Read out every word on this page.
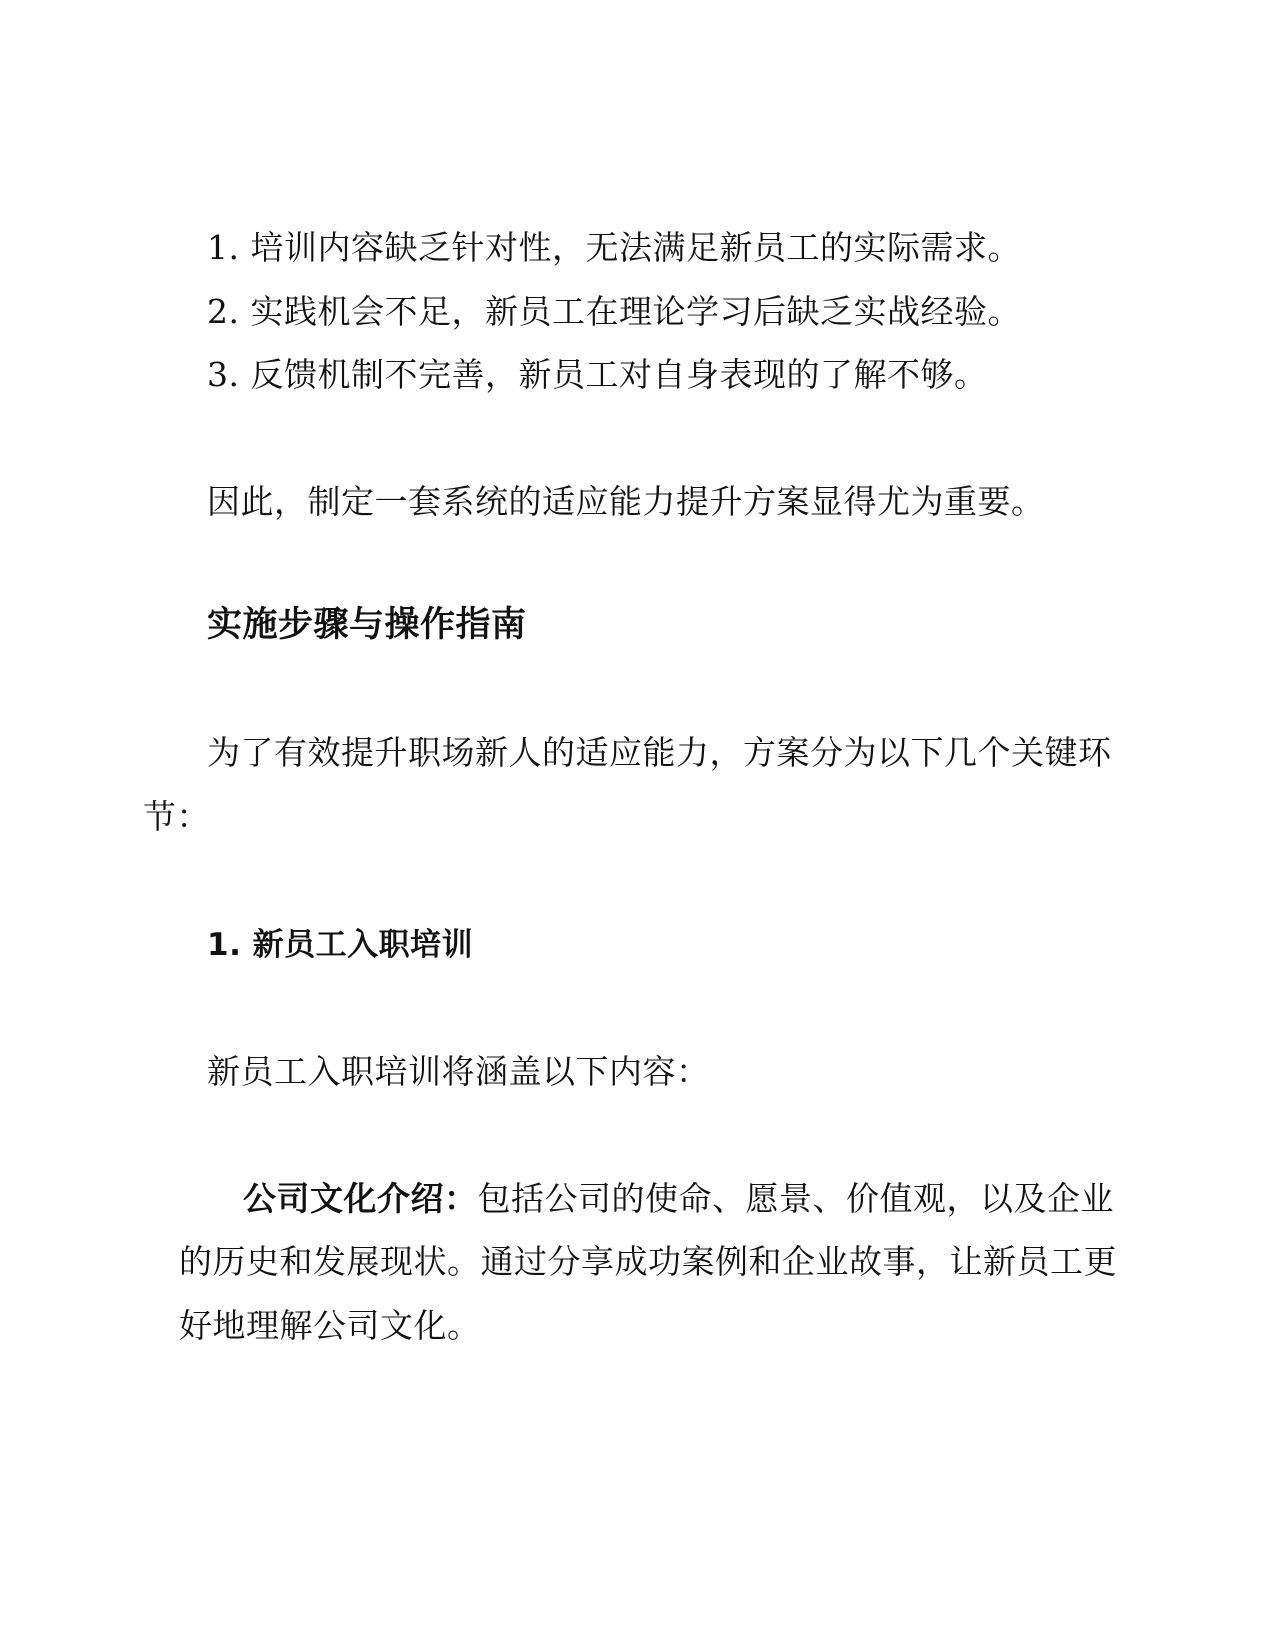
1. 培训内容缺乏针对性，无法满足新员工的实际需求。
2. 实践机会不足，新员工在理论学习后缺乏实战经验。
3. 反馈机制不完善，新员工对自身表现的了解不够。
因此，制定一套系统的适应能力提升方案显得尤为重要。
实施步骤与操作指南
为了有效提升职场新人的适应能力，方案分为以下几个关键环
节：
1. 新员工入职培训
新员工入职培训将涵盖以下内容：
公司文化介绍：包括公司的使命、愿景、价值观，以及企业
的历史和发展现状。通过分享成功案例和企业故事，让新员工更
好地理解公司文化。
